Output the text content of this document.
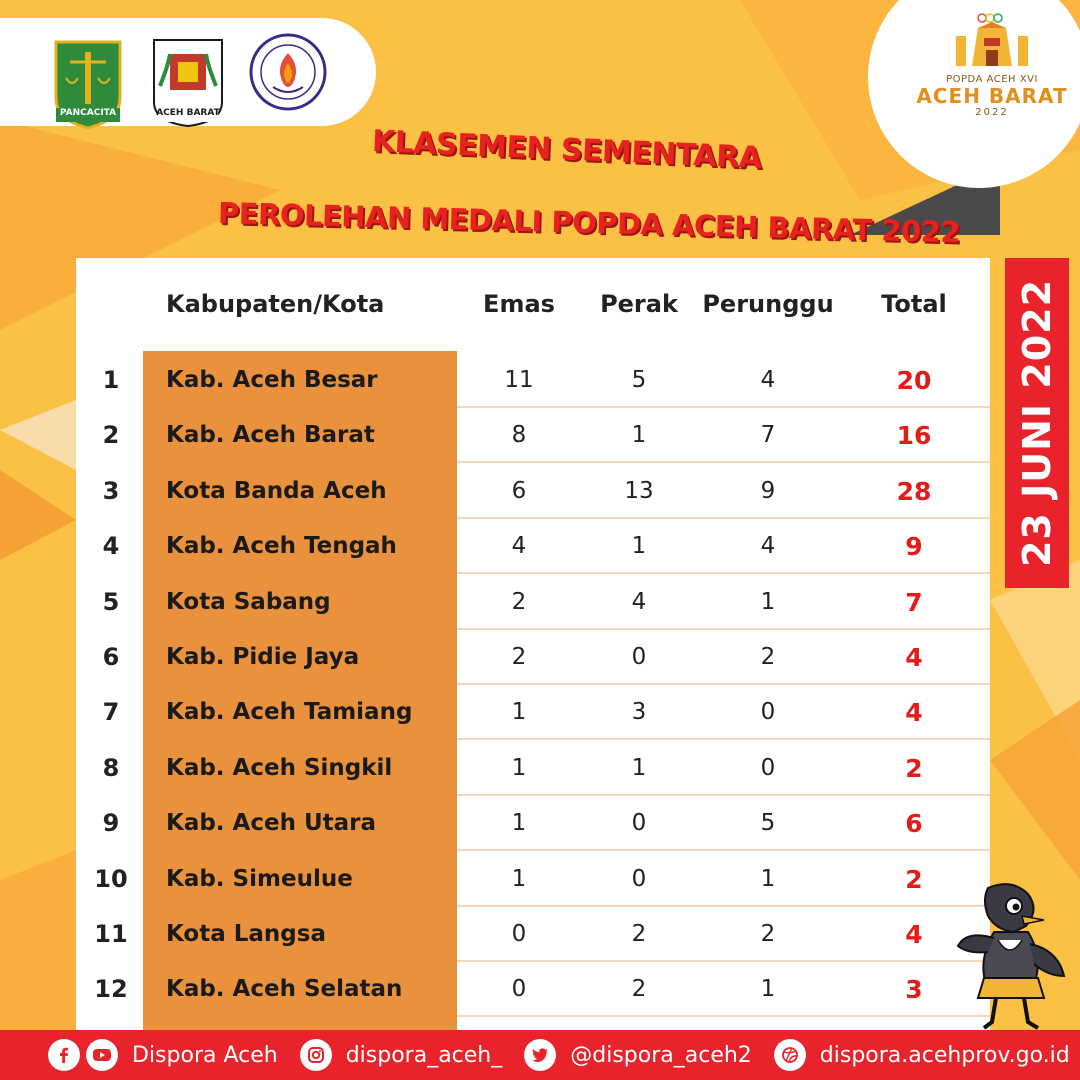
PANCACITA	ACEH BARAT
POPDA ACEH XVI
ACEH BARAT
2022
KLASEMEN SEMENTARA
PEROLEHAN MEDALI POPDA ACEH BARAT 2022
Kabupaten/Kota	Emas	Perak	Perunggu	Total
1	Kab. Aceh Besar	11	5	4	20
2	Kab. Aceh Barat	8	1	7	16
3	Kota Banda Aceh	6	13	9	28
4	Kab. Aceh Tengah	4	1	4	9
5	Kota Sabang	2	4	1	7
6	Kab. Pidie Jaya	2	0	2	4
7	Kab. Aceh Tamiang	1	3	0	4
8	Kab. Aceh Singkil	1	1	0	2
9	Kab. Aceh Utara	1	0	5	6
10	Kab. Simeulue	1	0	1	2
11	Kota Langsa	0	2	2	4
12	Kab. Aceh Selatan	0	2	1	3
23 JUNI 2022
Dispora Aceh	dispora_aceh_	@dispora_aceh2	dispora.acehprov.go.id
